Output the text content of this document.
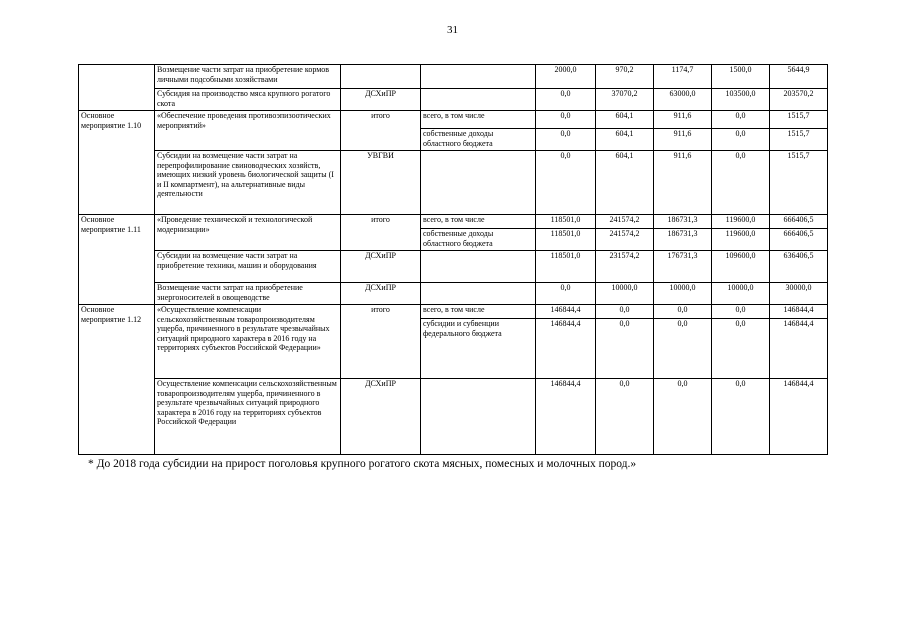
31
	Возмещение части затрат на приобретение кормов личными подсобными хозяйствами			2000,0	970,2	1174,7	1500,0	5644,9
	Субсидия на производство мяса крупного рогатого скота	ДСХиПР		0,0	37070,2	63000,0	103500,0	203570,2
Основное мероприятие 1.10	«Обеспечение проведения противоэпизоотических мероприятий»	итого	всего, в том числе	0,0	604,1	911,6	0,0	1515,7
			собственные доходы областного бюджета	0,0	604,1	911,6	0,0	1515,7
	Субсидии на возмещение части затрат на перепрофилирование свиноводческих хозяйств, имеющих низкий уровень биологической защиты (I и II компартмент), на альтернативные виды деятельности	УВГВИ		0,0	604,1	911,6	0,0	1515,7
Основное мероприятие 1.11	«Проведение технической и технологической модернизации»	итого	всего, в том числе	118501,0	241574,2	186731,3	119600,0	666406,5
			собственные доходы областного бюджета	118501,0	241574,2	186731,3	119600,0	666406,5
	Субсидии на возмещение части затрат на приобретение техники, машин и оборудования	ДСХиПР		118501,0	231574,2	176731,3	109600,0	636406,5
	Возмещение части затрат на приобретение энергоносителей в овощеводстве	ДСХиПР		0,0	10000,0	10000,0	10000,0	30000,0
Основное мероприятие 1.12	«Осуществление компенсации сельскохозяйственным товаропроизводителям ущерба, причиненного в результате чрезвычайных ситуаций природного характера в 2016 году на территориях субъектов Российской Федерации»	итого	всего, в том числе	146844,4	0,0	0,0	0,0	146844,4
			субсидии и субвенции федерального бюджета	146844,4	0,0	0,0	0,0	146844,4
	Осуществление компенсации сельскохозяйственным товаропроизводителям ущерба, причиненного в результате чрезвычайных ситуаций природного характера в 2016 году на территориях субъектов Российской Федерации	ДСХиПР		146844,4	0,0	0,0	0,0	146844,4
* До 2018 года субсидии на прирост поголовья крупного рогатого скота мясных, помесных и молочных пород.»
